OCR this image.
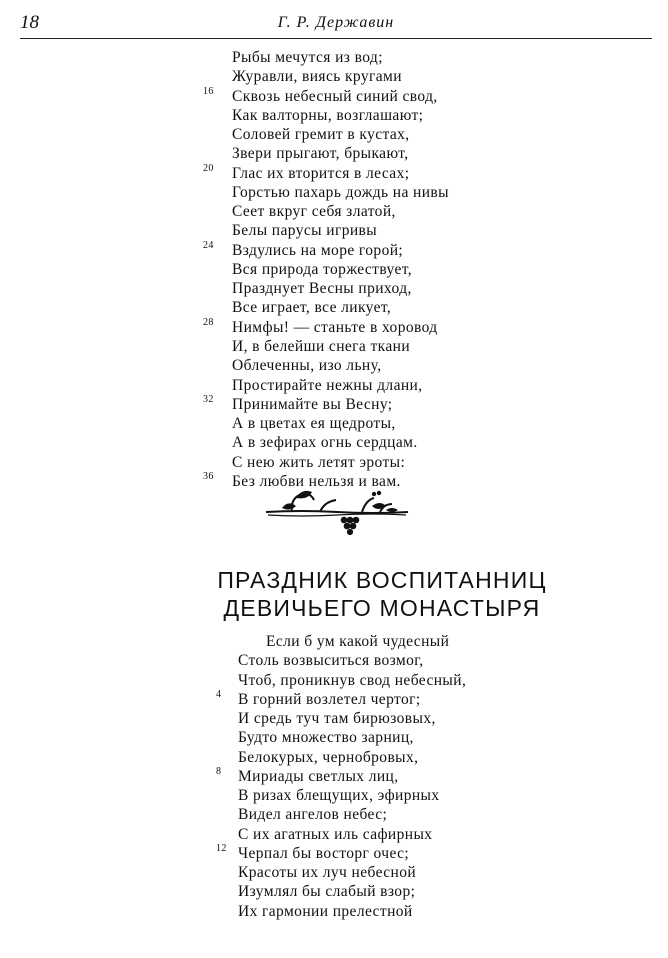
18	Г. Р. Державин
Рыбы мечутся из вод;
Журавли, виясь кругами
16 Сквозь небесный синий свод,
Как валторны, возглашают;
Соловей гремит в кустах,
Звери прыгают, брыкают,
20 Глас их вторится в лесах;
Горстью пахарь дождь на нивы
Сеет вкруг себя златой,
Белы парусы игривы
24 Вздулись на море горой;
Вся природа торжествует,
Празднует Весны приход,
Все играет, все ликует,
28 Нимфы! — станьте в хоровод
И, в белейши снега ткани
Облеченны, изо льну,
Простирайте нежны длани,
32 Принимайте вы Весну;
А в цветах ея щедроты,
А в зефирах огнь сердцам.
С нею жить летят эроты:
36 Без любви нельзя и вам.
ПРАЗДНИК ВОСПИТАННИЦ
ДЕВИЧЬЕГО МОНАСТЫРЯ
Если б ум какой чудесный
Столь возвыситься возмог,
Чтоб, проникнув свод небесный,
4 В горний возлетел чертог;
И средь туч там бирюзовых,
Будто множество зарниц,
Белокурых, чернобровых,
8 Мириады светлых лиц,
В ризах блещущих, эфирных
Видел ангелов небес;
С их агатных иль сафирных
12 Черпал бы восторг очес;
Красоты их луч небесной
Изумлял бы слабый взор;
Их гармонии прелестной
